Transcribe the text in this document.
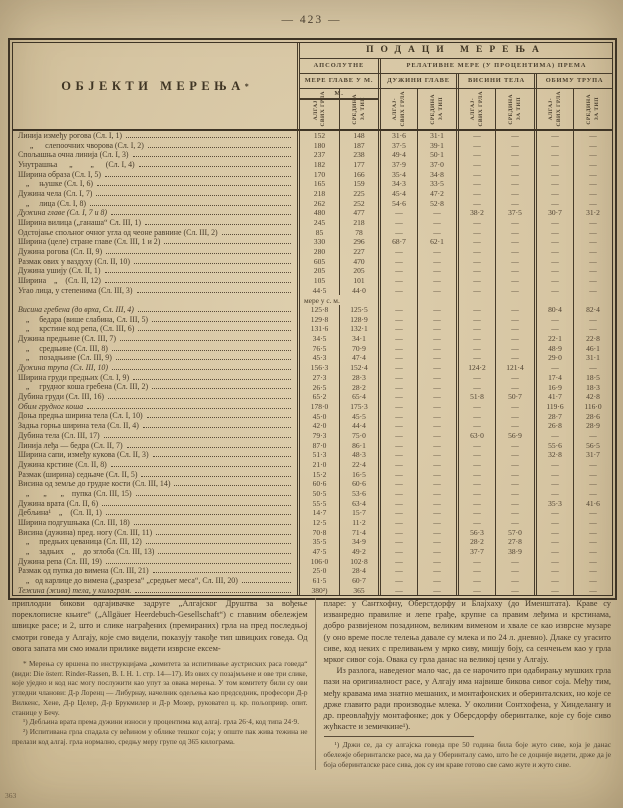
— 423 —
ОБЈЕКТИ МЕРЕЊА *
ПОДАЦИ МЕРЕЊА
АПСОЛУТНЕ	РЕЛАТИВНЕ МЕРЕ (У ПРОЦЕНТИМА) ПРЕМА
МЕРЕ ГЛАВЕ У М. М.
ДУЖИНИ ГЛАВЕ	ВИСИНИ ТЕЛА	ОБИМУ ТРУПА
АЛГАЈ- СВИХ ГРЛА	СРЕДИНА ЗА ТИП	АЛГАЈ- СВИХ ГРЛА	СРЕДИНА ЗА ТИП	АЛГАЈ- СВИХ ГРЛА	СРЕДИНА ЗА ТИП	АЛГАЈ- СВИХ ГРЛА	СРЕДИНА ЗА ТИП
Линија између рогова (Сл. I, 1)	152	148	31·6	31·1	—	—	—	—
„      слепоочних чворова (Сл. I, 2)	180	187	37·5	39·1	—	—	—	—
Спољашња очна линија (Сл. I, 3)	237	238	49·4	50·1	—	—	—	—
Унутрашња      „         „      (Сл. I, 4)	182	177	37·9	37·0	—	—	—	—
Ширина образа (Сл. I, 5)	170	166	35·4	34·8	—	—	—	—
„     њушке (Сл. I, 6)	165	159	34·3	33·5	—	—	—	—
Дужина чела (Сл. I, 7)	218	225	45·4	47·2	—	—	—	—
„     лица (Сл. I, 8)	262	252	54·6	52·8	—	—	—	—
Дужина главе (Сл. I, 7 и 8)	480	477	—	—	38·2	37·5	30·7	31·2
Ширина вилица („ганаша“ Сл. III, 1)	245	218	—	—	—	—	—	—
Одстојање спољног очног угла од чеоне равнине (Сл. III, 2)	85	78	—	—	—	—	—	—
Ширина (целе) стране главе (Сл. III, 1 и 2)	330	296	68·7	62·1	—	—	—	—
Дужина рогова (Сл. II, 9)	280	227	—	—	—	—	—	—
Размак ових у ваздуху (Сл. II, 10)	605	470	—	—	—	—	—	—
Дужина ушију (Сл. II, 1)	205	205	—	—	—	—	—	—
Ширина    „    (Сл. II, 12)	105	101	—	—	—	—	—	—
Угао лица, у степенима (Сл. III, 3)	44·5	44·0	—	—	—	—	—	—
мере у с. м.
Висина гребена (до врха, Сл. III, 4)	125·8	125·5	—	—	—	—	80·4	82·4
„     бедара (више слабина, Сл. III, 5)	129·8	128·9	—	—	—	—	—	—
„     крстине код репа, (Сл. III, 6)	131·6	132·1	—	—	—	—	—	—
Дужина предњине (Сл. III, 7)	34·5	34·1	—	—	—	—	22·1	22·8
„     средњине (Сл. III, 8)	76·5	70·9	—	—	—	—	48·9	46·1
„     позадњине (Сл. III, 9)	45·3	47·4	—	—	—	—	29·0	31·1
Дужина трупа (Сл. III, 10)	156·3	152·4	—	—	124·2	121·4	—	—
Ширина груди предњих (Сл. I, 9)	27·3	28·3	—	—	—	—	17·4	18·5
„     грудног коша гребена (Сл. III, 2)	26·5	28·2	—	—	—	—	16·9	18·3
Дубина груди (Сл. III, 16)	65·2	65·4	—	—	51·8	50·7	41·7	42·8
Обим грудног коша	178·0	175·3	—	—	—	—	119·6	116·0
Доња предња ширина тела (Сл. I, 10)	45·0	45·5	—	—	—	—	28·7	28·6
Задња горња ширина тела (Сл. II, 4)	42·0	44·4	—	—	—	—	26·8	28·9
Дубина тела (Сл. III, 17)	79·3	75·0	—	—	63·0	56·9	—	—
Линија леђа — бедра (Сл. II, 7)	87·0	86·1	—	—	—	—	55·6	56·5
Ширина сапи, између кукова (Сл. II, 3)	51·3	48·3	—	—	—	—	32·8	31·7
Дужина крстине (Сл. II, 8)	21·0	22·4	—	—	—	—	—	—
Размак (ширина) седњаче (Сл. II, 5)	15·2	16·5	—	—	—	—	—	—
Висина од земље до грудне кости (Сл. III, 14)	60·6	60·6	—	—	—	—	—	—
„       „       „    пупка (Сл. III, 15)	50·5	53·6	—	—	—	—	—	—
Дужина врата (Сл. II, 6)	55·5	63·4	—	—	—	—	35·3	41·6
Дебљина¹    „    (Сл. II, 1)	14·7	15·7	—	—	—	—	—	—
Ширина подгушњака (Сл. III, 18)	12·5	11·2	—	—	—	—	—	—
Висина (дужина) пред. ногу (Сл. III, 11)	70·8	71·4	—	—	56·3	57·0	—	—
„     предњих цеваница (Сл. III, 12)	35·5	34·9	—	—	28·2	27·8	—	—
„     задњих    „    до зглоба (Сл. III, 13)	47·5	49·2	—	—	37·7	38·9	—	—
Дужина репа (Сл. III, 19)	106·0	102·8	—	—	—	—	—	—
Размак од пупка до вимена (Сл. III, 21)	25·0	28·4	—	—	—	—	—	—
„   од карлице до вимена („разреза“ „средњег меса“, Сл. III, 20)	61·5	60·7	—	—	—	—	—	—
Тежина (жива) тела, у килограм.	380²)	365	—	—	—	—	—	—

приплодни бикови одгајивачке задруге „Алгајског Друштва за вођење пореклописне књиге“ („Allgäuer Heerdebuch-Gesellschaft“) с главним обележјем швицке расе; и 2, што и слике награђених (премираних) грла на пред последњој смотри говеда у Алгају, које смо видели, показују такође тип швицких говеда. Од овога запата ми смо имали прилике видети изврсне ексем-

* Мерења су вршена по инструкцијама „комитета за испитивање аустриских раса говеда“ (види: Die österr. Rinder-Rassen, B. I. H. 1. стр. 14—17). Из ових су позајмљене и ове три слике, које уједно и код нас могу послужити као упут за овака мерења. У том комитету били су ови угледни чланови: Д-р Лоренц — Либурнау, начелник одељења као председник, професори Д-р Вилкенс, Хене, Д-р Целер, Д-р Брукмилер и Д-р Мозер, руковател ц. кр. пољопривр. опит. станице у Бечу.

¹) Дебљина врата према дужини износи у процентима код алгај. грла 26·4, код типа 24·9.

²) Испитивана грла спадала су већином у облике тешког соја; у опште пак жива тежина не прелази код алгај. грла нормално, средњу меру групе од 365 килограма.

пларе: у Сантхофну, Оберстдорфу и Блајхаху (до Именштата). Краве су изванредно правилне и лепе грађе, крупне са правим леђима и крстинама, добро развијеном позадином, великим вименом и хвале се као изврсне музаре (у оно време после телења давале су млека и по 24 л. дневно). Длаке су угасито сиве, код неких с преливањем у мрко сиву, мишју боју, са сенчењем као у грла мрког сивог соја. Овака су грла данас на великој цени у Алгају.

Из разлога, наведеног мало час, да се нарочито при одабирању мушких грла пази на оригиналност расе, у Алгају има највише бикова сивог соја. Међу тим, међу кравама има знатно мешаних, и монтафонских и оберинталских, но које се држе главито ради производње млека. У околини Сонтхофена, у Хинделангу и др. преовлађују монтафонке; док у Оберсдорфу оберинталке, које су боје сиво жућкасте и земичкине¹).

¹) Држи се, да су алгајска говеда пре 50 година била боје жуто сиве, која је данас обележје оберинталске расе, ма да у Оберинталу само, што ће се доцније видети, држе да је боја оберинталске расе сива, док су им краве готово све само жуте и жуто сиве.

363
